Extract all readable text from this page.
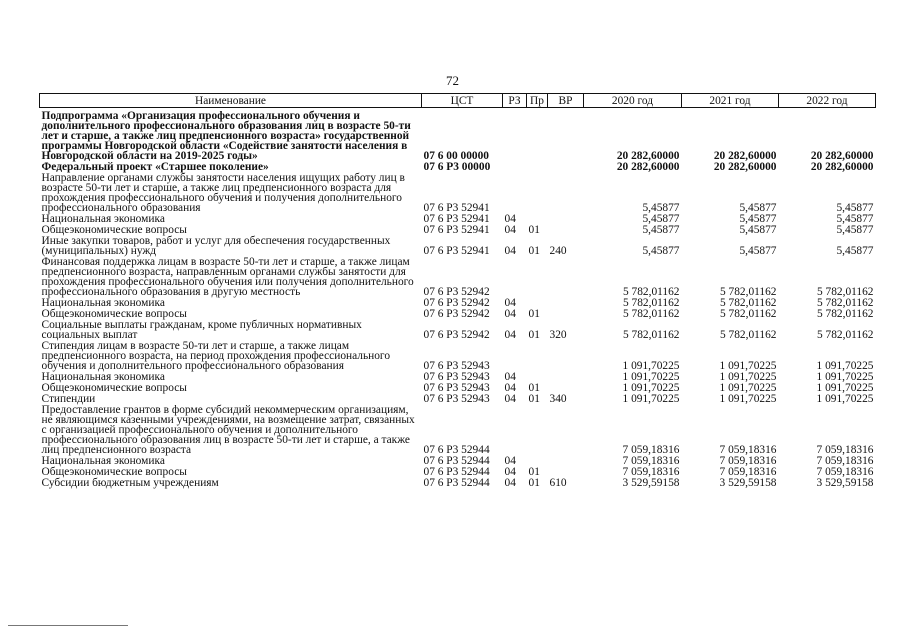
72
Наименование	ЦСТ	РЗ	Пр	ВР	2020 год	2021 год	2022 год
Подпрограмма «Организация профессионального обучения и дополнительного профессионального образования лиц в возрасте 50-ти лет и старше, а также лиц предпенсионного возраста» государственной программы Новгородской области «Содействие занятости населения в Новгородской области на 2019-2025 годы»	07 6 00 00000				20 282,60000	20 282,60000	20 282,60000
Федеральный проект «Старшее поколение»	07 6 P3 00000				20 282,60000	20 282,60000	20 282,60000
Направление органами службы занятости населения ищущих работу лиц в возрасте 50-ти лет и старше, а также лиц предпенсионного возраста для прохождения профессионального обучения и получения дополнительного профессионального образования	07 6 P3 52941				5,45877	5,45877	5,45877
Национальная экономика	07 6 P3 52941	04			5,45877	5,45877	5,45877
Общеэкономические вопросы	07 6 P3 52941	04	01		5,45877	5,45877	5,45877
Иные закупки товаров, работ и услуг для обеспечения государственных (муниципальных) нужд	07 6 P3 52941	04	01	240	5,45877	5,45877	5,45877
Финансовая поддержка лицам в возрасте 50-ти лет и старше, а также лицам предпенсионного возраста, направленным органами службы занятости для прохождения профессионального обучения или получения дополнительного профессионального образования в другую местность	07 6 P3 52942				5 782,01162	5 782,01162	5 782,01162
Национальная экономика	07 6 P3 52942	04			5 782,01162	5 782,01162	5 782,01162
Общеэкономические вопросы	07 6 P3 52942	04	01		5 782,01162	5 782,01162	5 782,01162
Социальные выплаты гражданам, кроме публичных нормативных социальных выплат	07 6 P3 52942	04	01	320	5 782,01162	5 782,01162	5 782,01162
Стипендия лицам в возрасте 50-ти лет и старше, а также лицам предпенсионного возраста, на период прохождения профессионального обучения и дополнительного профессионального образования	07 6 P3 52943				1 091,70225	1 091,70225	1 091,70225
Национальная экономика	07 6 P3 52943	04			1 091,70225	1 091,70225	1 091,70225
Общеэкономические вопросы	07 6 P3 52943	04	01		1 091,70225	1 091,70225	1 091,70225
Стипендии	07 6 P3 52943	04	01	340	1 091,70225	1 091,70225	1 091,70225
Предоставление грантов в форме субсидий некоммерческим организациям, не являющимся казенными учреждениями, на возмещение затрат, связанных с организацией профессионального обучения и дополнительного профессионального образования лиц в возрасте 50-ти лет и старше, а также лиц предпенсионного возраста	07 6 P3 52944				7 059,18316	7 059,18316	7 059,18316
Национальная экономика	07 6 P3 52944	04			7 059,18316	7 059,18316	7 059,18316
Общеэкономические вопросы	07 6 P3 52944	04	01		7 059,18316	7 059,18316	7 059,18316
Субсидии бюджетным учреждениям	07 6 P3 52944	04	01	610	3 529,59158	3 529,59158	3 529,59158
